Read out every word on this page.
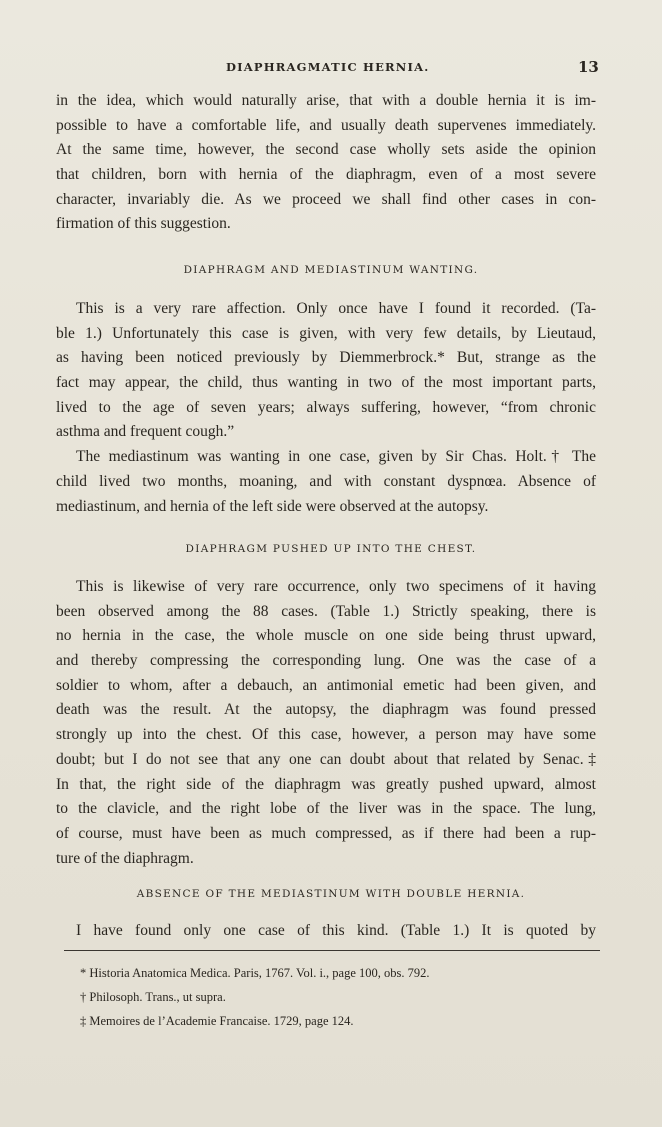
DIAPHRAGMATIC HERNIA.	13
in the idea, which would naturally arise, that with a double hernia it is im-
possible to have a comfortable life, and usually death supervenes immediately.
At the same time, however, the second case wholly sets aside the opinion
that children, born with hernia of the diaphragm, even of a most severe
character, invariably die. As we proceed we shall find other cases in con-
firmation of this suggestion.
DIAPHRAGM AND MEDIASTINUM WANTING.
This is a very rare affection. Only once have I found it recorded. (Ta-
ble 1.) Unfortunately this case is given, with very few details, by Lieutaud,
as having been noticed previously by Diemmerbrock.* But, strange as the
fact may appear, the child, thus wanting in two of the most important parts,
lived to the age of seven years; always suffering, however, “from chronic
asthma and frequent cough.”
The mediastinum was wanting in one case, given by Sir Chas. Holt.† The
child lived two months, moaning, and with constant dyspnœa. Absence of
mediastinum, and hernia of the left side were observed at the autopsy.
DIAPHRAGM PUSHED UP INTO THE CHEST.
This is likewise of very rare occurrence, only two specimens of it having
been observed among the 88 cases. (Table 1.) Strictly speaking, there is
no hernia in the case, the whole muscle on one side being thrust upward,
and thereby compressing the corresponding lung. One was the case of a
soldier to whom, after a debauch, an antimonial emetic had been given, and
death was the result. At the autopsy, the diaphragm was found pressed
strongly up into the chest. Of this case, however, a person may have some
doubt; but I do not see that any one can doubt about that related by Senac.‡
In that, the right side of the diaphragm was greatly pushed upward, almost
to the clavicle, and the right lobe of the liver was in the space. The lung,
of course, must have been as much compressed, as if there had been a rup-
ture of the diaphragm.
ABSENCE OF THE MEDIASTINUM WITH DOUBLE HERNIA.
I have found only one case of this kind. (Table 1.) It is quoted by
* Historia Anatomica Medica. Paris, 1767. Vol. i., page 100, obs. 792.
† Philosoph. Trans., ut supra.
‡ Memoires de l’Academie Francaise. 1729, page 124.
